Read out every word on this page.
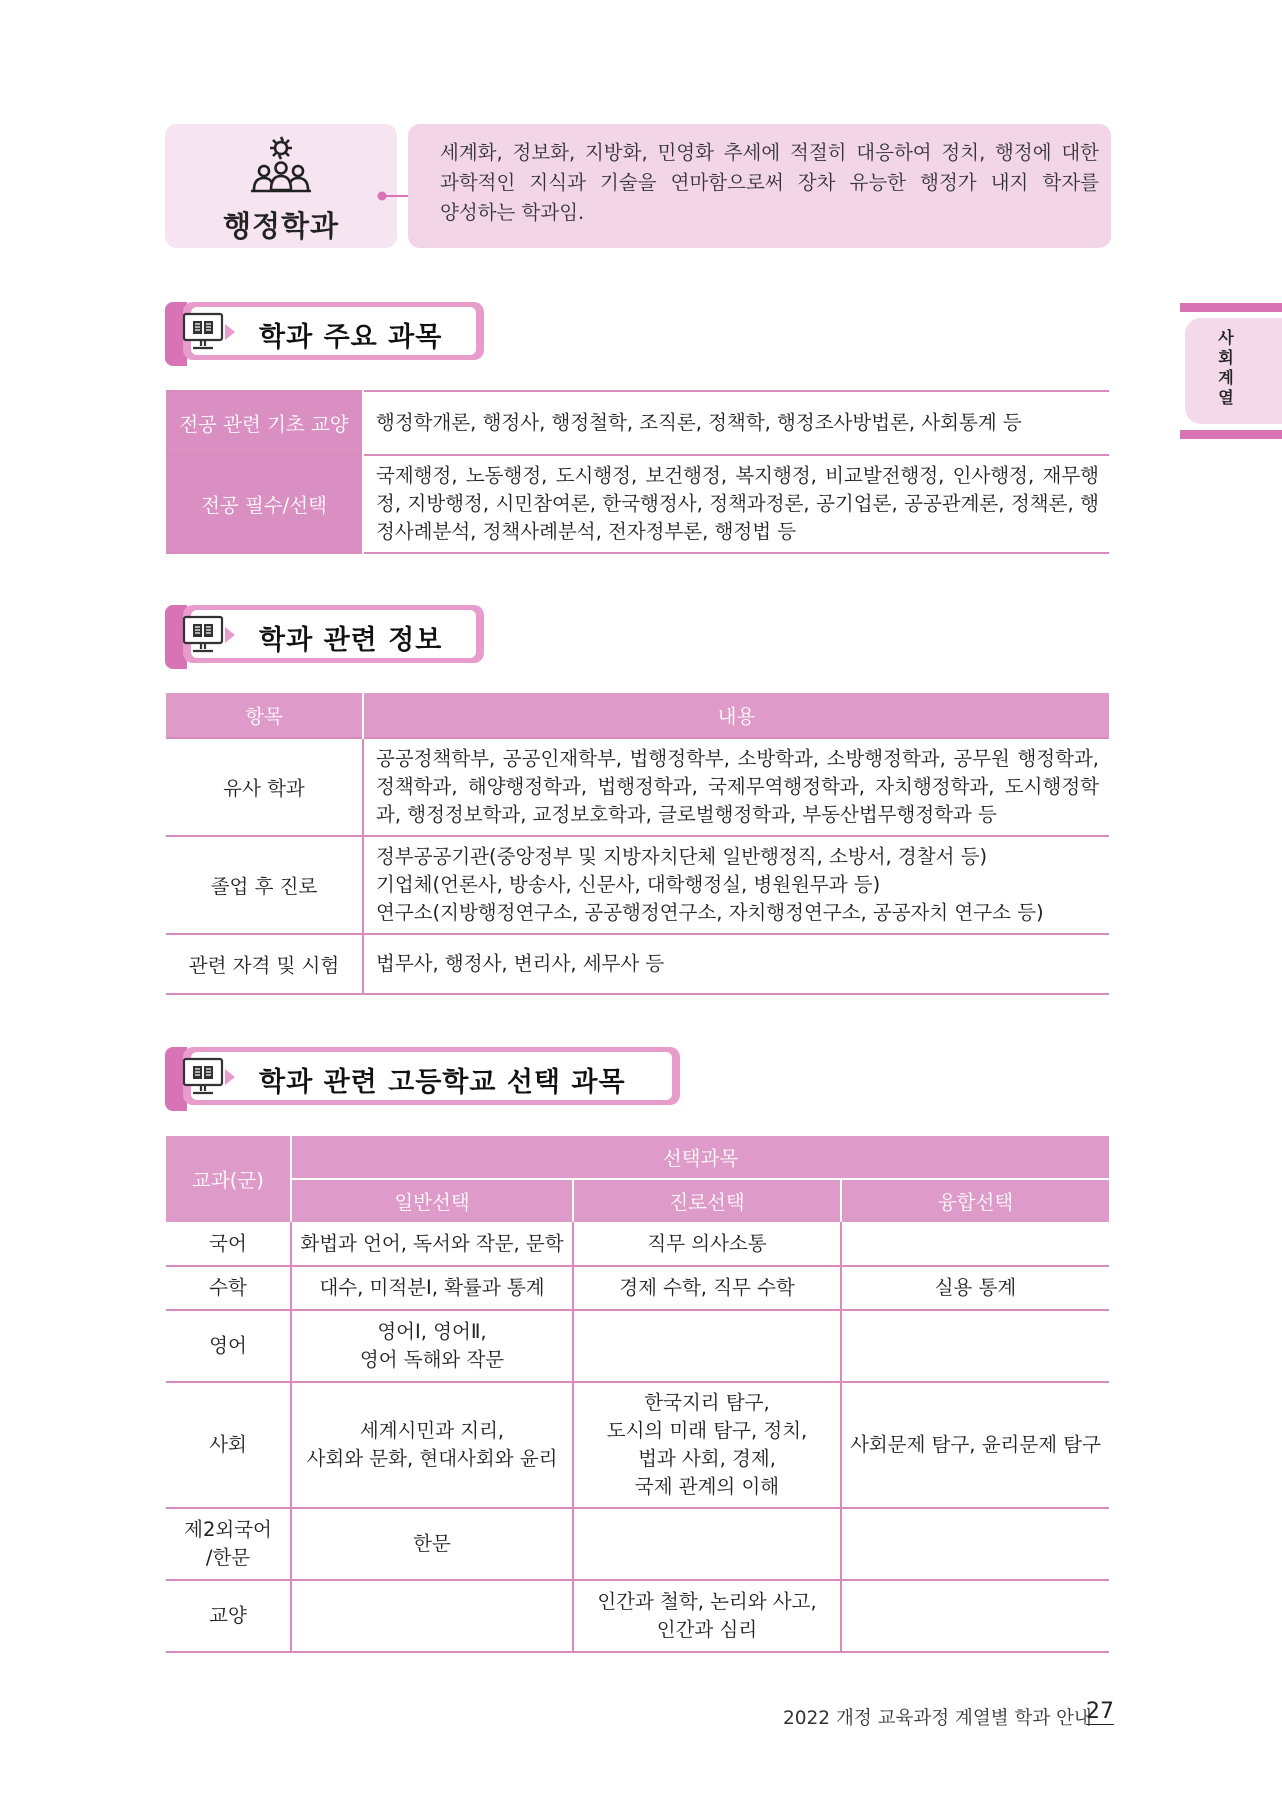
행정학과
세계화, 정보화, 지방화, 민영화 추세에 적절히 대응하여 정치, 행정에 대한 과학적인 지식과 기술을 연마함으로써 장차 유능한 행정가 내지 학자를 양성하는 학과임.
사
회
계
열
학과 주요 과목
전공 관련 기초 교양	행정학개론, 행정사, 행정철학, 조직론, 정책학, 행정조사방법론, 사회통계 등
전공 필수/선택	국제행정, 노동행정, 도시행정, 보건행정, 복지행정, 비교발전행정, 인사행정, 재무행정, 지방행정, 시민참여론, 한국행정사, 정책과정론, 공기업론, 공공관계론, 정책론, 행정사례분석, 정책사례분석, 전자정부론, 행정법 등
학과 관련 정보
항목	내용
유사 학과	공공정책학부, 공공인재학부, 법행정학부, 소방학과, 소방행정학과, 공무원 행정학과, 정책학과, 해양행정학과, 법행정학과, 국제무역행정학과, 자치행정학과, 도시행정학과, 행정정보학과, 교정보호학과, 글로벌행정학과, 부동산법무행정학과 등
졸업 후 진로	정부공공기관(중앙정부 및 지방자치단체 일반행정직, 소방서, 경찰서 등)
기업체(언론사, 방송사, 신문사, 대학행정실, 병원원무과 등)
연구소(지방행정연구소, 공공행정연구소, 자치행정연구소, 공공자치 연구소 등)

관련 자격 및 시험	법무사, 행정사, 변리사, 세무사 등
학과 관련 고등학교 선택 과목
교과(군)	선택과목		
	일반선택	진로선택	융합선택
국어	화법과 언어, 독서와 작문, 문학	직무 의사소통	
수학	대수, 미적분Ⅰ, 확률과 통계	경제 수학, 직무 수학	실용 통계
영어	영어Ⅰ, 영어Ⅱ,
영어 독해와 작문		
사회	세계시민과 지리,
사회와 문화, 현대사회와 윤리	한국지리 탐구,
도시의 미래 탐구, 정치,
법과 사회, 경제,
국제 관계의 이해	사회문제 탐구, 윤리문제 탐구
제2외국어
/한문	한문		
교양		인간과 철학, 논리와 사고,
인간과 심리	
2022 개정 교육과정 계열별 학과 안내
27
